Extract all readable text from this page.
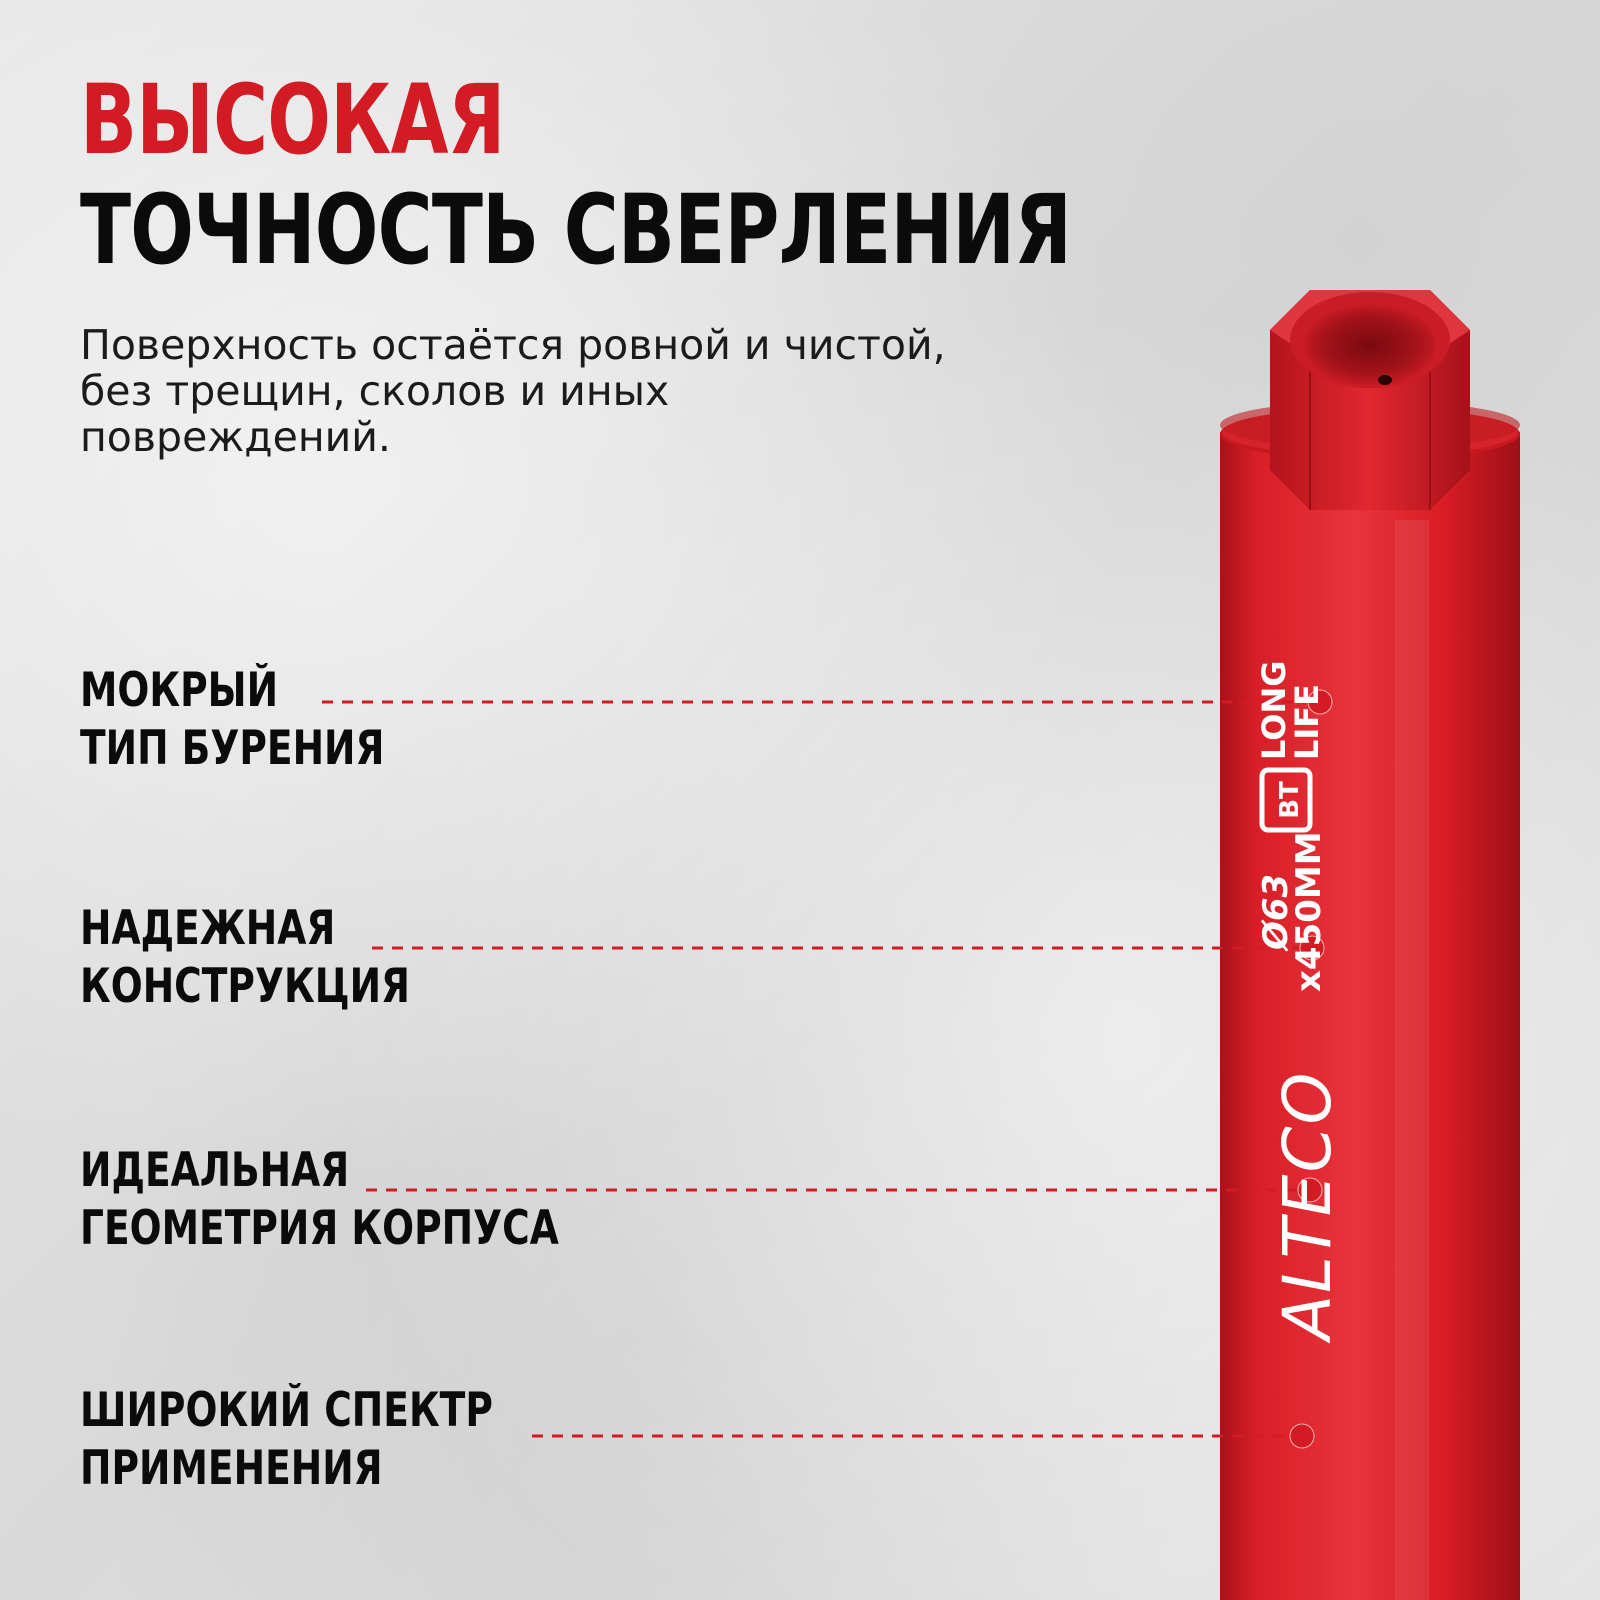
ВЫСОКАЯ
ТОЧНОСТЬ СВЕРЛЕНИЯ

Поверхность остаётся ровной и чистой, без трещин, сколов и иных повреждений.

МОКРЫЙ
ТИП БУРЕНИЯ
НАДЕЖНАЯ
КОНСТРУКЦИЯ
ИДЕАЛЬНАЯ
ГЕОМЕТРИЯ КОРПУСА
ШИРОКИЙ СПЕКТР
ПРИМЕНЕНИЯ
ALTECO
Ø63
x450MM
BT
LONG
LIFE
